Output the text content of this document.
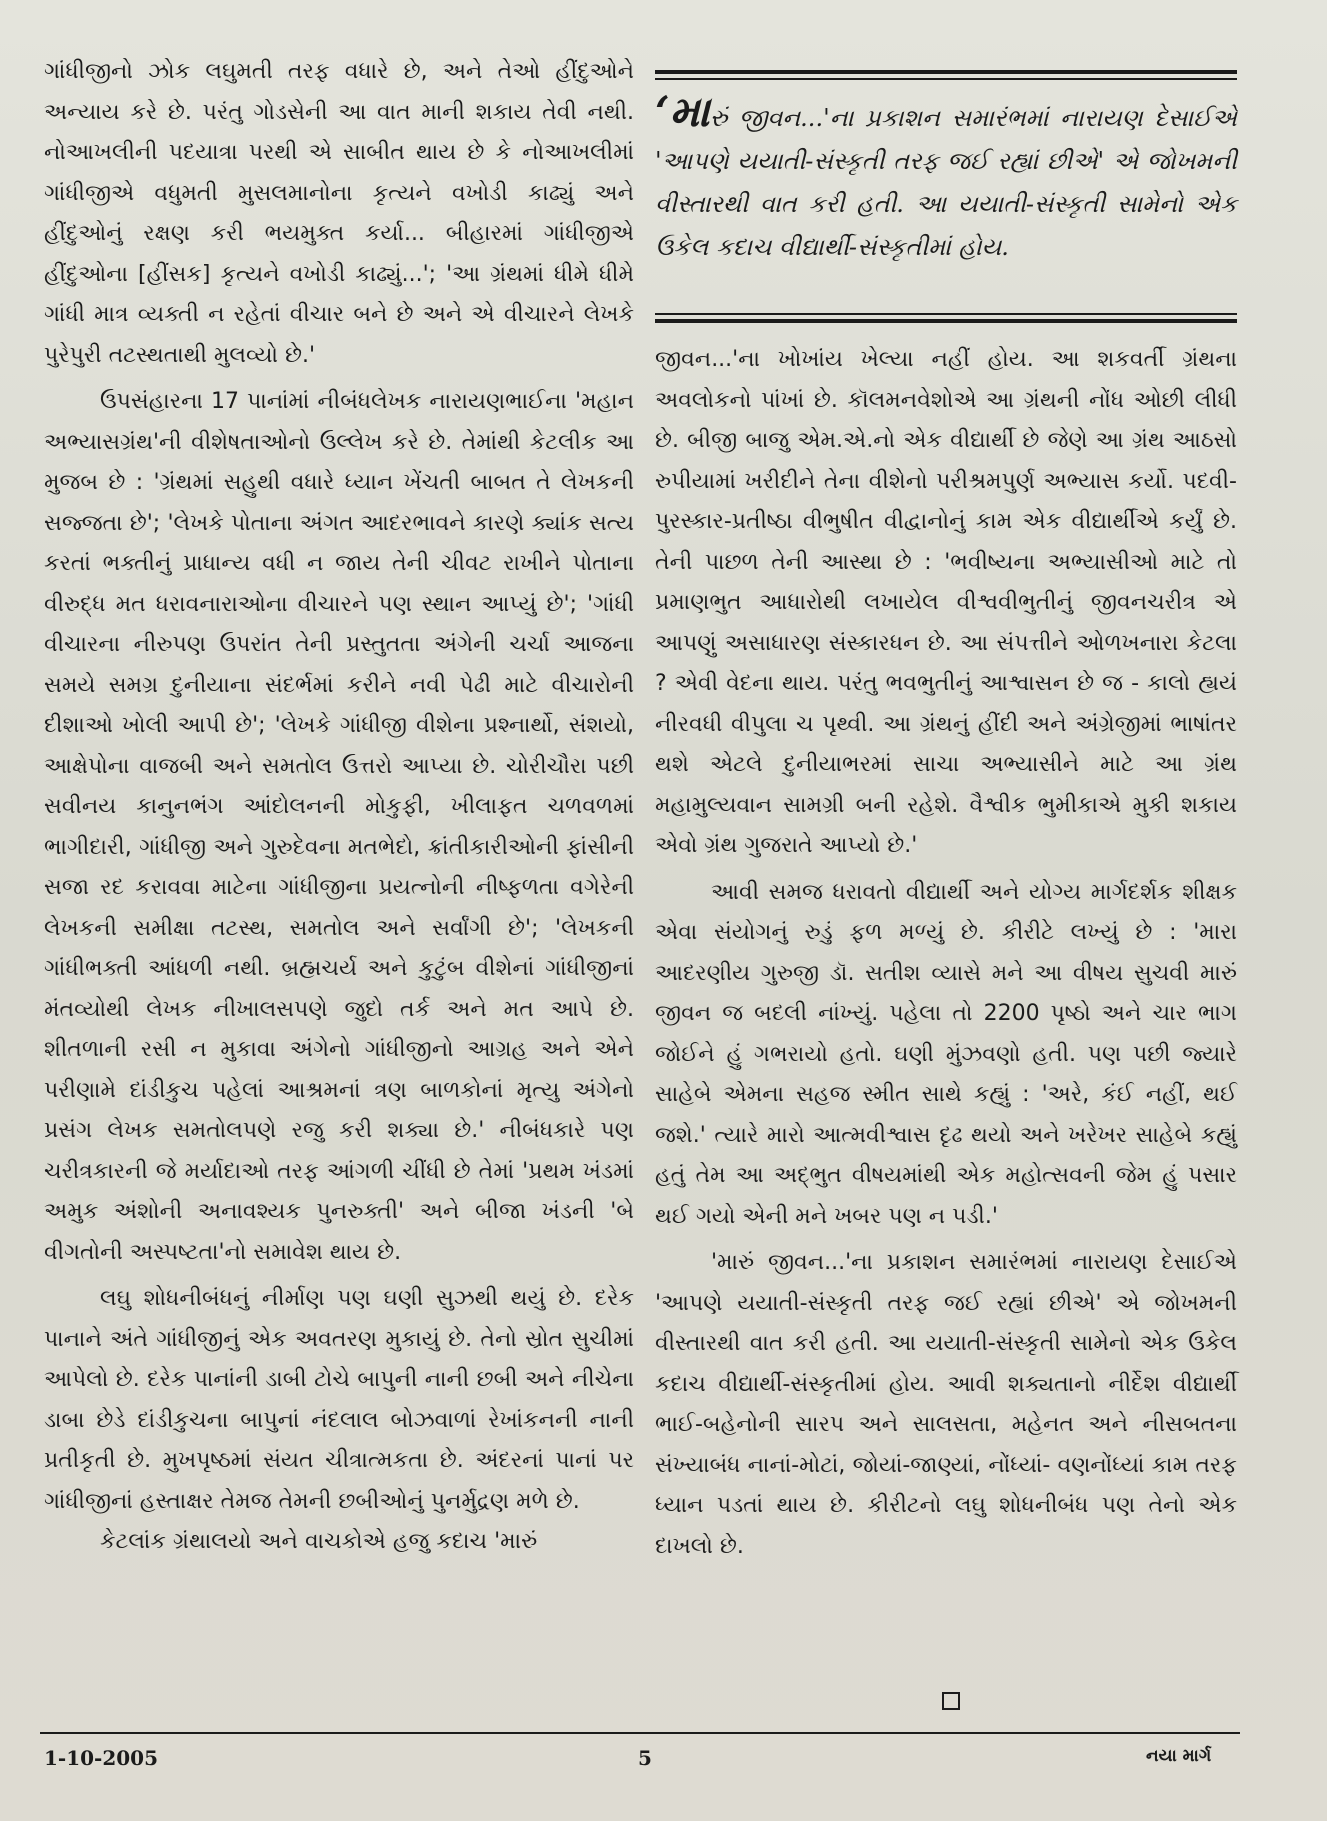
ગાંધીજીનો ઝોક લઘુમતી તરફ વધારે છે, અને તેઓ હીંદુઓને અન્યાય કરે છે. પરંતુ ગોડસેની આ વાત માની શકાય તેવી નથી. નોઆખલીની પદયાત્રા પરથી એ સાબીત થાય છે કે નોઆખલીમાં ગાંધીજીએ વધુમતી મુસલમાનોના કૃત્યને વખોડી કાઢ્યું અને હીંદુઓનું રક્ષણ કરી ભયમુક્ત કર્યા... બીહારમાં ગાંધીજીએ હીંદુઓના [હીંસક] કૃત્યને વખોડી કાઢ્યું...'; 'આ ગ્રંથમાં ધીમે ધીમે ગાંધી માત્ર વ્યક્તી ન રહેતાં વીચાર બને છે અને એ વીચારને લેખકે પુરેપુરી તટસ્થતાથી મુલવ્યો છે.'

ઉપસંહારના 17 પાનાંમાં નીબંધલેખક નારાયણભાઈના 'મહાન અભ્યાસગ્રંથ'ની વીશેષતાઓનો ઉલ્લેખ કરે છે. તેમાંથી કેટલીક આ મુજબ છે : 'ગ્રંથમાં સહુથી વધારે ધ્યાન ખેંચતી બાબત તે લેખકની સજ્જતા છે'; 'લેખકે પોતાના અંગત આદરભાવને કારણે ક્યાંક સત્ય કરતાં ભક્તીનું પ્રાધાન્ય વધી ન જાય તેની ચીવટ રાખીને પોતાના વીરુદ્ધ મત ધરાવનારાઓના વીચારને પણ સ્થાન આપ્યું છે'; 'ગાંધી વીચારના નીરુપણ ઉપરાંત તેની પ્રસ્તુતતા અંગેની ચર્ચા આજના સમયે સમગ્ર દુનીયાના સંદર્ભમાં કરીને નવી પેઢી માટે વીચારોની દીશાઓ ખોલી આપી છે'; 'લેખકે ગાંધીજી વીશેના પ્રશ્નાર્થો, સંશયો, આક્ષેપોના વાજબી અને સમતોલ ઉત્તરો આપ્યા છે. ચોરીચૌરા પછી સવીનય કાનુનભંગ આંદોલનની મોકુફી, ખીલાફત ચળવળમાં ભાગીદારી, ગાંધીજી અને ગુરુદેવના મતભેદો, ક્રાંતીકારીઓની ફાંસીની સજા રદ કરાવવા માટેના ગાંધીજીના પ્રયત્નોની નીષ્ફળતા વગેરેની લેખકની સમીક્ષા તટસ્થ, સમતોલ અને સર્વાંગી છે'; 'લેખકની ગાંધીભક્તી આંધળી નથી. બ્રહ્મચર્ય અને કુટુંબ વીશેનાં ગાંધીજીનાં મંતવ્યોથી લેખક નીખાલસપણે જુદો તર્ક અને મત આપે છે. શીતળાની રસી ન મુકાવા અંગેનો ગાંધીજીનો આગ્રહ અને એને પરીણામે દાંડીકુચ પહેલાં આશ્રમનાં ત્રણ બાળકોનાં મૃત્યુ અંગેનો પ્રસંગ લેખક સમતોલપણે રજુ કરી શક્યા છે.' નીબંધકારે પણ ચરીત્રકારની જે મર્યાદાઓ તરફ આંગળી ચીંધી છે તેમાં 'પ્રથમ ખંડમાં અમુક અંશોની અનાવશ્યક પુનરુક્તી' અને બીજા ખંડની 'બે વીગતોની અસ્પષ્ટતા'નો સમાવેશ થાય છે.

લઘુ શોધનીબંધનું નીર્માણ પણ ઘણી સુઝથી થયું છે. દરેક પાનાને અંતે ગાંધીજીનું એક અવતરણ મુકાયું છે. તેનો સ્રોત સુચીમાં આપેલો છે. દરેક પાનાંની ડાબી ટોચે બાપુની નાની છબી અને નીચેના ડાબા છેડે દાંડીકુચના બાપુનાં નંદલાલ બોઝવાળાં રેખાંકનની નાની પ્રતીકૃતી છે. મુખપૃષ્ઠમાં સંયત ચીત્રાત્મકતા છે. અંદરનાં પાનાં પર ગાંધીજીનાં હસ્તાક્ષર તેમજ તેમની છબીઓનું પુનર્મુદ્રણ મળે છે.

કેટલાંક ગ્રંથાલયો અને વાચકોએ હજુ કદાચ 'મારું

‘મારું જીવન...'ના પ્રકાશન સમારંભમાં નારાયણ દેસાઈએ 'આપણે યયાતી-સંસ્કૃતી તરફ જઈ રહ્યાં છીએ' એ જોખમની વીસ્તારથી વાત કરી હતી. આ યયાતી-સંસ્કૃતી સામેનો એક ઉકેલ કદાચ વીદ્યાર્થી-સંસ્કૃતીમાં હોય.

જીવન...'ના ખોખાંય ખેલ્યા નહીં હોય. આ શકવર્તી ગ્રંથના અવલોકનો પાંખાં છે. કૉલમનવેશોએ આ ગ્રંથની નોંધ ઓછી લીધી છે. બીજી બાજુ એમ.એ.નો એક વીદ્યાર્થી છે જેણે આ ગ્રંથ આઠસો રુપીયામાં ખરીદીને તેના વીશેનો પરીશ્રમપુર્ણ અભ્યાસ કર્યો. પદવી-પુરસ્કાર-પ્રતીષ્ઠા વીભુષીત વીદ્વાનોનું કામ એક વીદ્યાર્થીએ કર્યું છે. તેની પાછળ તેની આસ્થા છે : 'ભવીષ્યના અભ્યાસીઓ માટે તો પ્રમાણભુત આધારોથી લખાયેલ વીશ્વવીભુતીનું જીવનચરીત્ર એ આપણું અસાધારણ સંસ્કારધન છે. આ સંપત્તીને ઓળખનારા કેટલા ? એવી વેદના થાય. પરંતુ ભવભુતીનું આશ્વાસન છે જ - કાલો હ્યયં નીરવધી વીપુલા ચ પૃથ્વી. આ ગ્રંથનું હીંદી અને અંગ્રેજીમાં ભાષાંતર થશે એટલે દુનીયાભરમાં સાચા અભ્યાસીને માટે આ ગ્રંથ મહામુલ્યવાન સામગ્રી બની રહેશે. વૈશ્વીક ભુમીકાએ મુકી શકાય એવો ગ્રંથ ગુજરાતે આપ્યો છે.'

આવી સમજ ધરાવતો વીદ્યાર્થી અને યોગ્ય માર્ગદર્શક શીક્ષક એવા સંયોગનું રુડું ફળ મળ્યું છે. કીરીટે લખ્યું છે : 'મારા આદરણીય ગુરુજી ડૉ. સતીશ વ્યાસે મને આ વીષય સુચવી મારું જીવન જ બદલી નાંખ્યું. પહેલા તો 2200 પૃષ્ઠો અને ચાર ભાગ જોઈને હું ગભરાયો હતો. ઘણી મુંઝવણો હતી. પણ પછી જ્યારે સાહેબે એમના સહજ સ્મીત સાથે કહ્યું : 'અરે, કંઈ નહીં, થઈ જશે.' ત્યારે મારો આત્મવીશ્વાસ દૃઢ થયો અને ખરેખર સાહેબે કહ્યું હતું તેમ આ અદ્ભુત વીષયમાંથી એક મહોત્સવની જેમ હું પસાર થઈ ગયો એની મને ખબર પણ ન પડી.'

'મારું જીવન...'ના પ્રકાશન સમારંભમાં નારાયણ દેસાઈએ 'આપણે યયાતી-સંસ્કૃતી તરફ જઈ રહ્યાં છીએ' એ જોખમની વીસ્તારથી વાત કરી હતી. આ યયાતી-સંસ્કૃતી સામેનો એક ઉકેલ કદાચ વીદ્યાર્થી-સંસ્કૃતીમાં હોય. આવી શક્યતાનો નીર્દેશ વીદ્યાર્થી ભાઈ-બહેનોની સારપ અને સાલસતા, મહેનત અને નીસબતના સંખ્યાબંધ નાનાં-મોટાં, જોયાં-જાણ્યાં, નોંધ્યાં- વણનોંધ્યાં કામ તરફ ધ્યાન પડતાં થાય છે. કીરીટનો લઘુ શોધનીબંધ પણ તેનો એક દાખલો છે.

1-10-2005	5	નયા માર્ગ
